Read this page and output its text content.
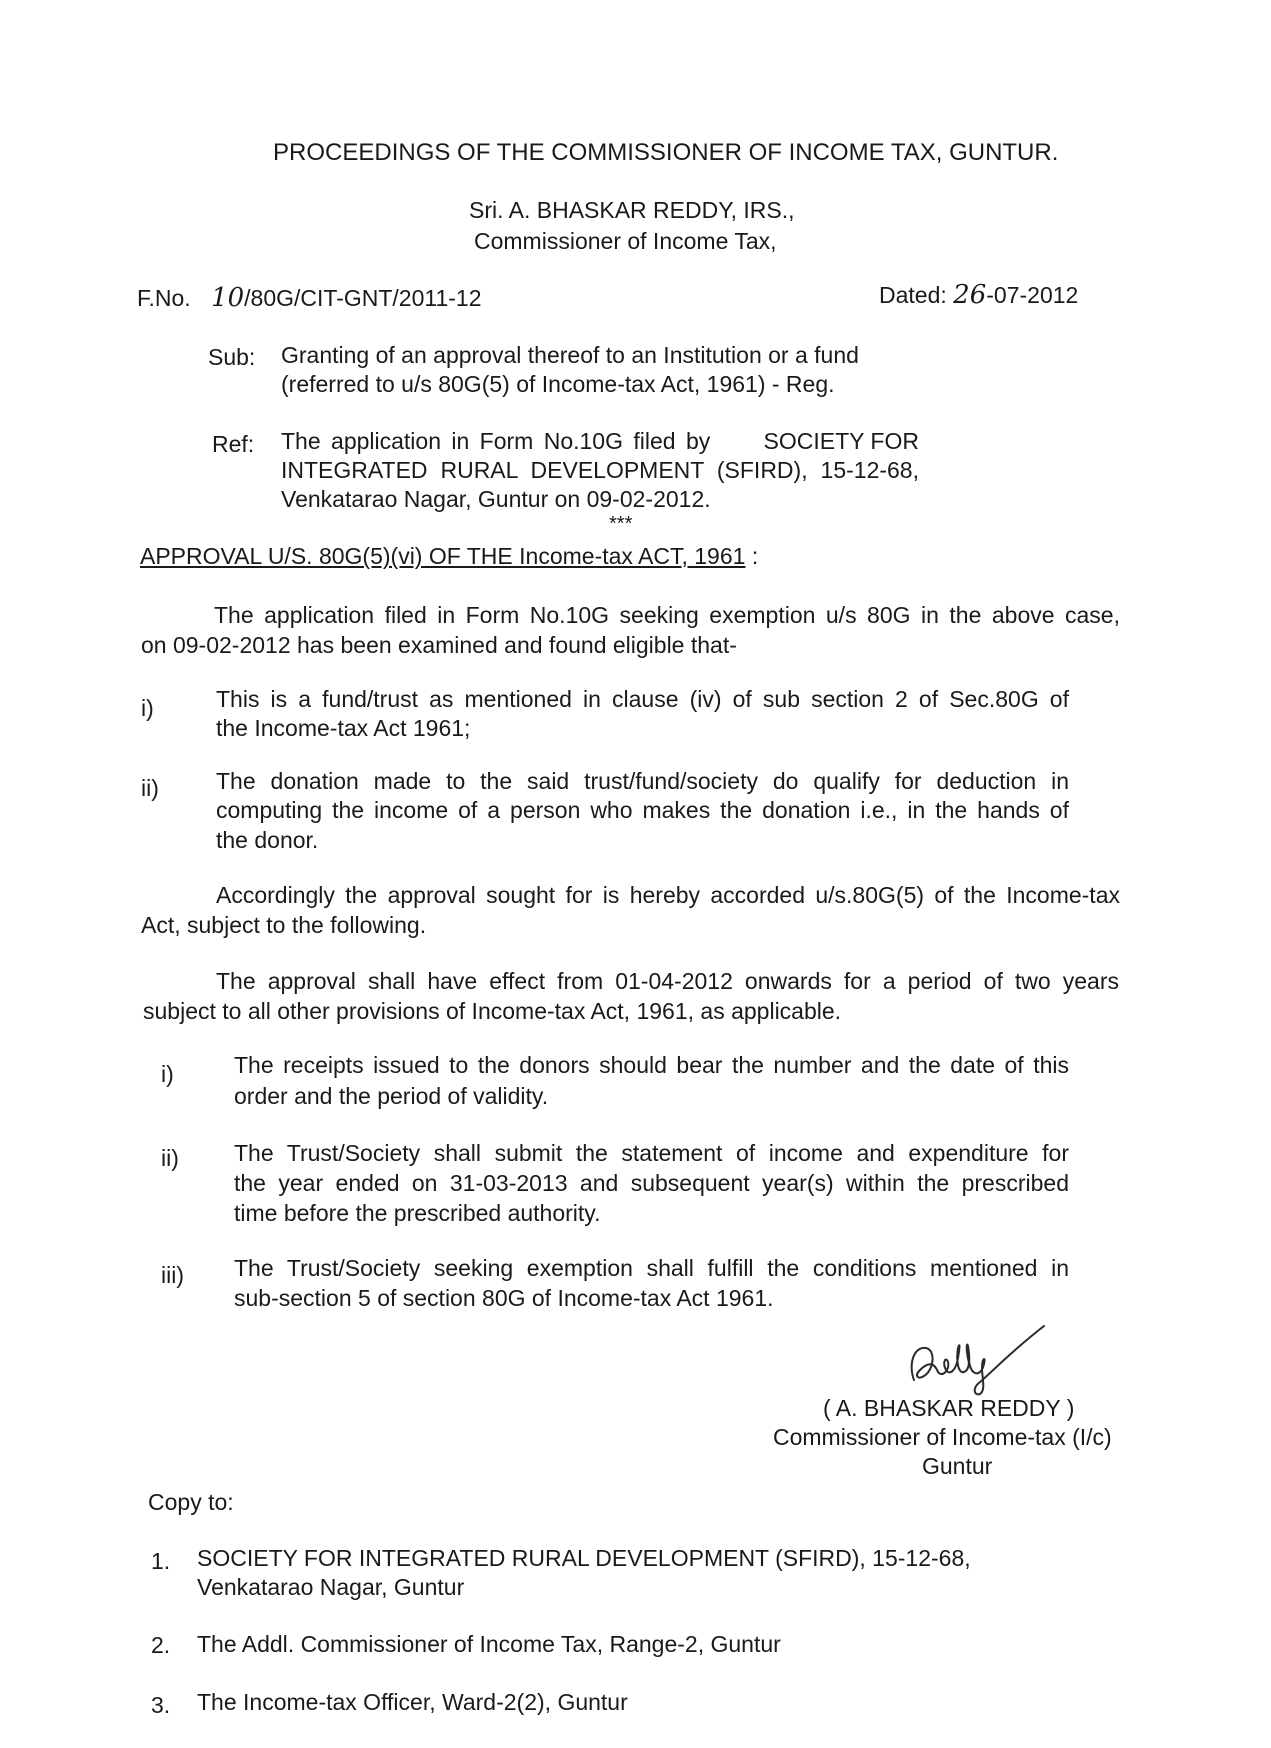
PROCEEDINGS OF THE COMMISSIONER OF INCOME TAX, GUNTUR.
Sri. A. BHASKAR REDDY, IRS.,
Commissioner of Income Tax,
F.No. 10/80G/CIT-GNT/2011-12	Dated: 26-07-2012
Sub: Granting of an approval thereof to an Institution or a fund
(referred to u/s 80G(5) of Income-tax Act, 1961) - Reg.
Ref: The application in Form No.10G filed by SOCIETY FOR
INTEGRATED RURAL DEVELOPMENT (SFIRD), 15-12-68,
Venkatarao Nagar, Guntur on 09-02-2012.
***
APPROVAL U/S. 80G(5)(vi) OF THE Income-tax ACT, 1961 :
The application filed in Form No.10G seeking exemption u/s 80G in the above case,
on 09-02-2012 has been examined and found eligible that-
i)	This is a fund/trust as mentioned in clause (iv) of sub section 2 of Sec.80G of
the Income-tax Act 1961;
ii) The donation made to the said trust/fund/society do qualify for deduction in
computing the income of a person who makes the donation i.e., in the hands of
the donor.
Accordingly the approval sought for is hereby accorded u/s.80G(5) of the Income-tax
Act, subject to the following.
The approval shall have effect from 01-04-2012 onwards for a period of two years
subject to all other provisions of Income-tax Act, 1961, as applicable.
i)	The receipts issued to the donors should bear the number and the date of this
order and the period of validity.
ii) The Trust/Society shall submit the statement of income and expenditure for
the year ended on 31-03-2013 and subsequent year(s) within the prescribed
time before the prescribed authority.
iii) The Trust/Society seeking exemption shall fulfill the conditions mentioned in
sub-section 5 of section 80G of Income-tax Act 1961.
( A. BHASKAR REDDY )
Commissioner of Income-tax (I/c)
Guntur
Copy to:
1. SOCIETY FOR INTEGRATED RURAL DEVELOPMENT (SFIRD), 15-12-68,
Venkatarao Nagar, Guntur
2. The Addl. Commissioner of Income Tax, Range-2, Guntur
3. The Income-tax Officer, Ward-2(2), Guntur
